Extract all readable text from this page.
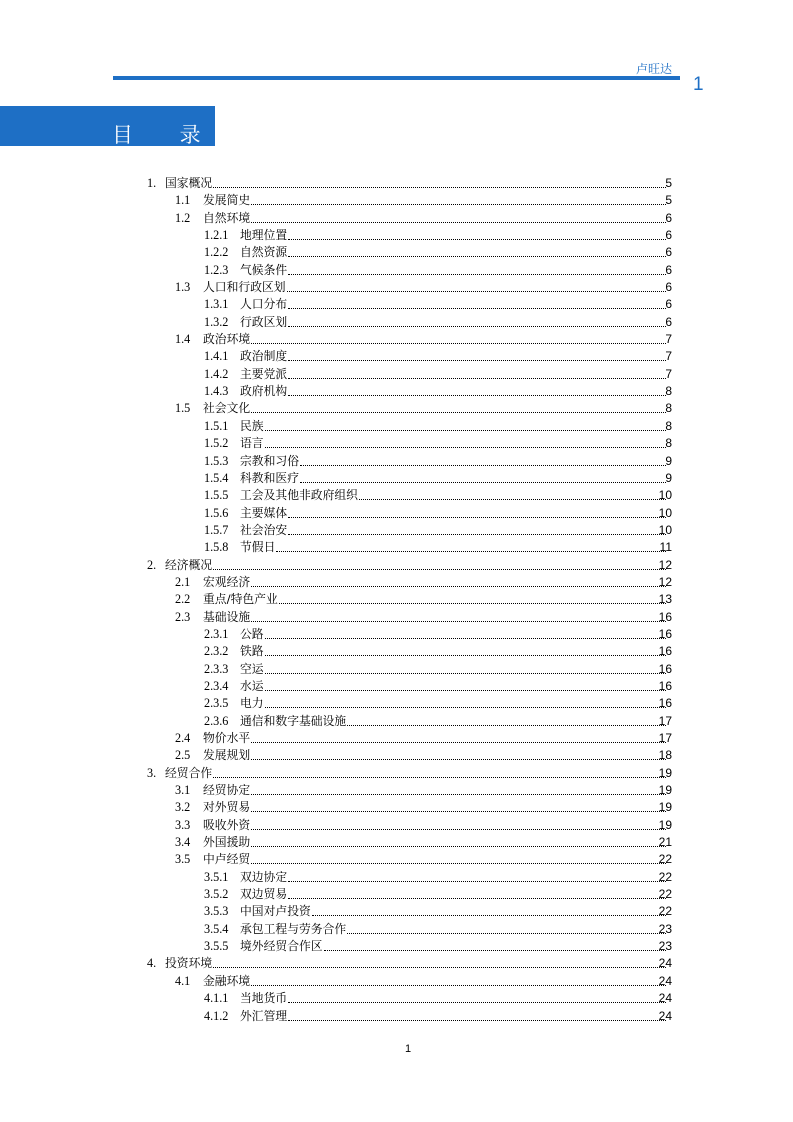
卢旺达
1
目 录
1. 国家概况	5
1.1 发展简史	5
1.2 自然环境	6
1.2.1 地理位置	6
1.2.2 自然资源	6
1.2.3 气候条件	6
1.3 人口和行政区划	6
1.3.1 人口分布	6
1.3.2 行政区划	6
1.4 政治环境	7
1.4.1 政治制度	7
1.4.2 主要党派	7
1.4.3 政府机构	8
1.5 社会文化	8
1.5.1 民族	8
1.5.2 语言	8
1.5.3 宗教和习俗	9
1.5.4 科教和医疗	9
1.5.5 工会及其他非政府组织	10
1.5.6 主要媒体	10
1.5.7 社会治安	10
1.5.8 节假日	11
2. 经济概况	12
2.1 宏观经济	12
2.2 重点/特色产业	13
2.3 基础设施	16
2.3.1 公路	16
2.3.2 铁路	16
2.3.3 空运	16
2.3.4 水运	16
2.3.5 电力	16
2.3.6 通信和数字基础设施	17
2.4 物价水平	17
2.5 发展规划	18
3. 经贸合作	19
3.1 经贸协定	19
3.2 对外贸易	19
3.3 吸收外资	19
3.4 外国援助	21
3.5 中卢经贸	22
3.5.1 双边协定	22
3.5.2 双边贸易	22
3.5.3 中国对卢投资	22
3.5.4 承包工程与劳务合作	23
3.5.5 境外经贸合作区	23
4. 投资环境	24
4.1 金融环境	24
4.1.1 当地货币	24
4.1.2 外汇管理	24
1
